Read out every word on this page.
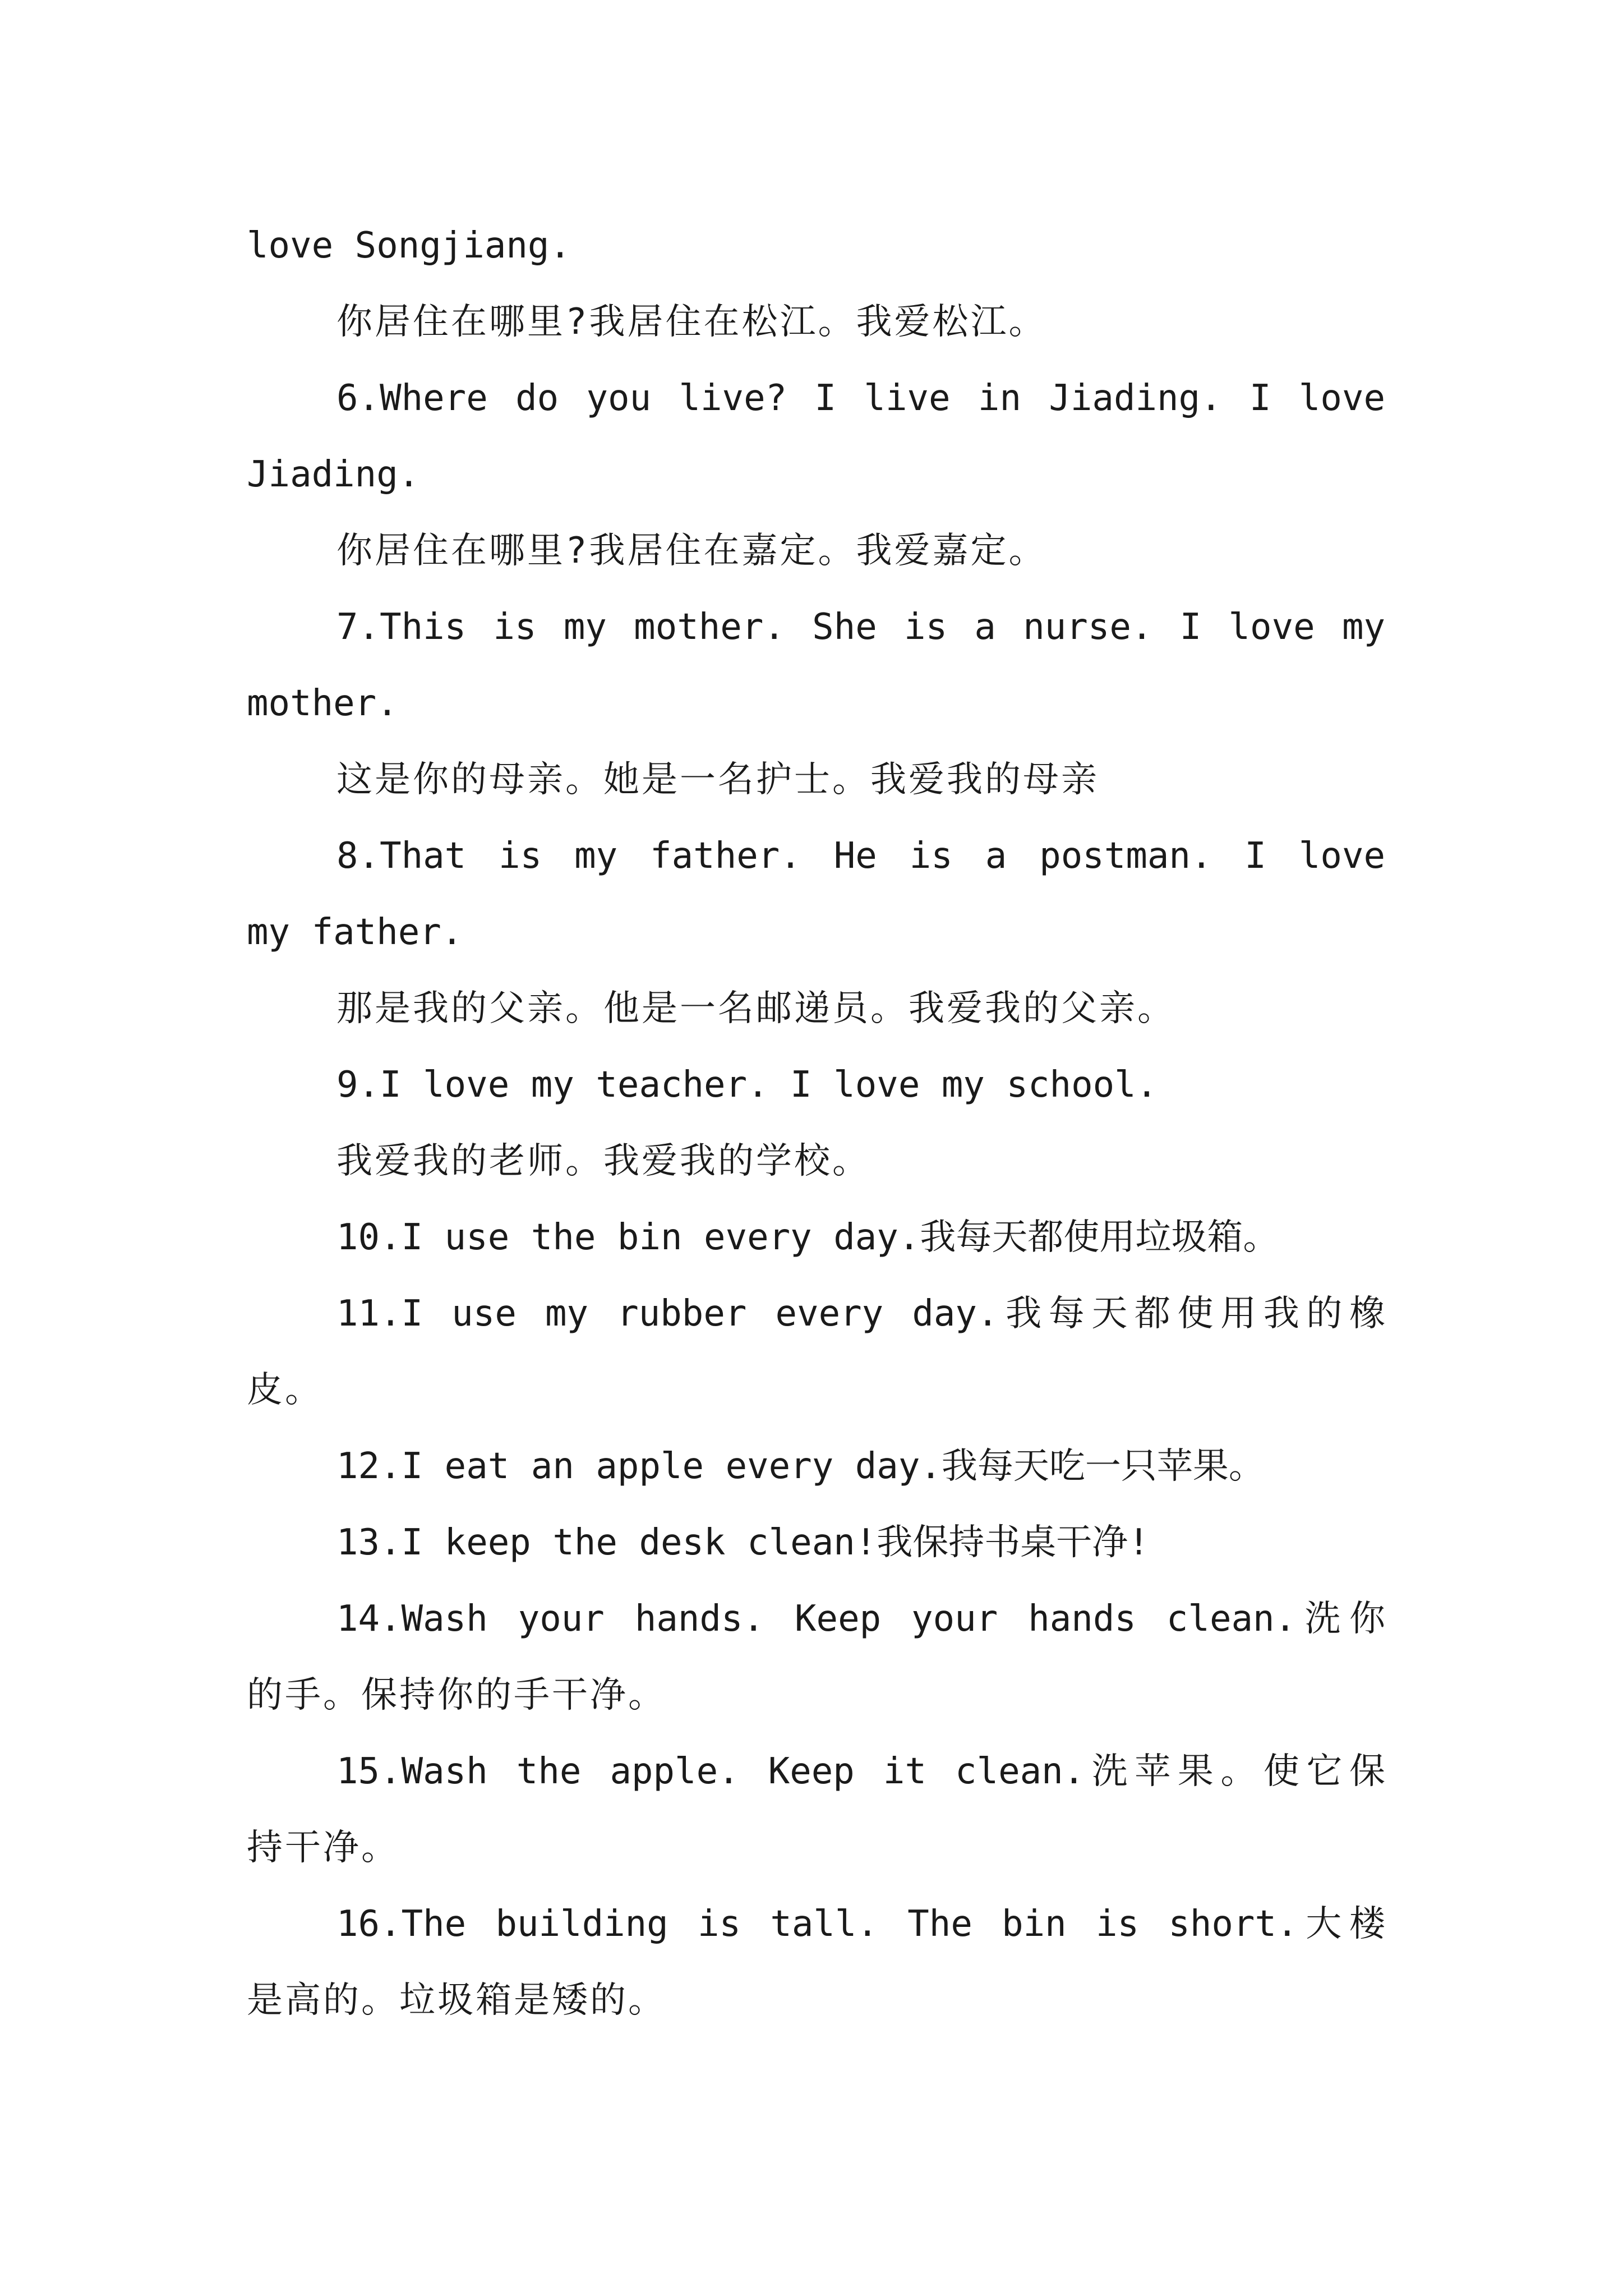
love Songjiang.
你居住在哪里?我居住在松江。我爱松江。
6.Where do you live? I live in Jiading. I love
Jiading.
你居住在哪里?我居住在嘉定。我爱嘉定。
7.This is my mother. She is a nurse. I love my
mother.
这是你的母亲。她是一名护士。我爱我的母亲
8.That is my father. He is a postman. I love
my father.
那是我的父亲。他是一名邮递员。我爱我的父亲。
9.I love my teacher. I love my school.
我爱我的老师。我爱我的学校。
10.I use the bin every day.我每天都使用垃圾箱。
11.I use my rubber every day.我每天都使用我的橡
皮。
12.I eat an apple every day.我每天吃一只苹果。
13.I keep the desk clean!我保持书桌干净!
14.Wash your hands. Keep your hands clean.洗你
的手。保持你的手干净。
15.Wash the apple. Keep it clean.洗苹果。使它保
持干净。
16.The building is tall. The bin is short.大楼
是高的。垃圾箱是矮的。
